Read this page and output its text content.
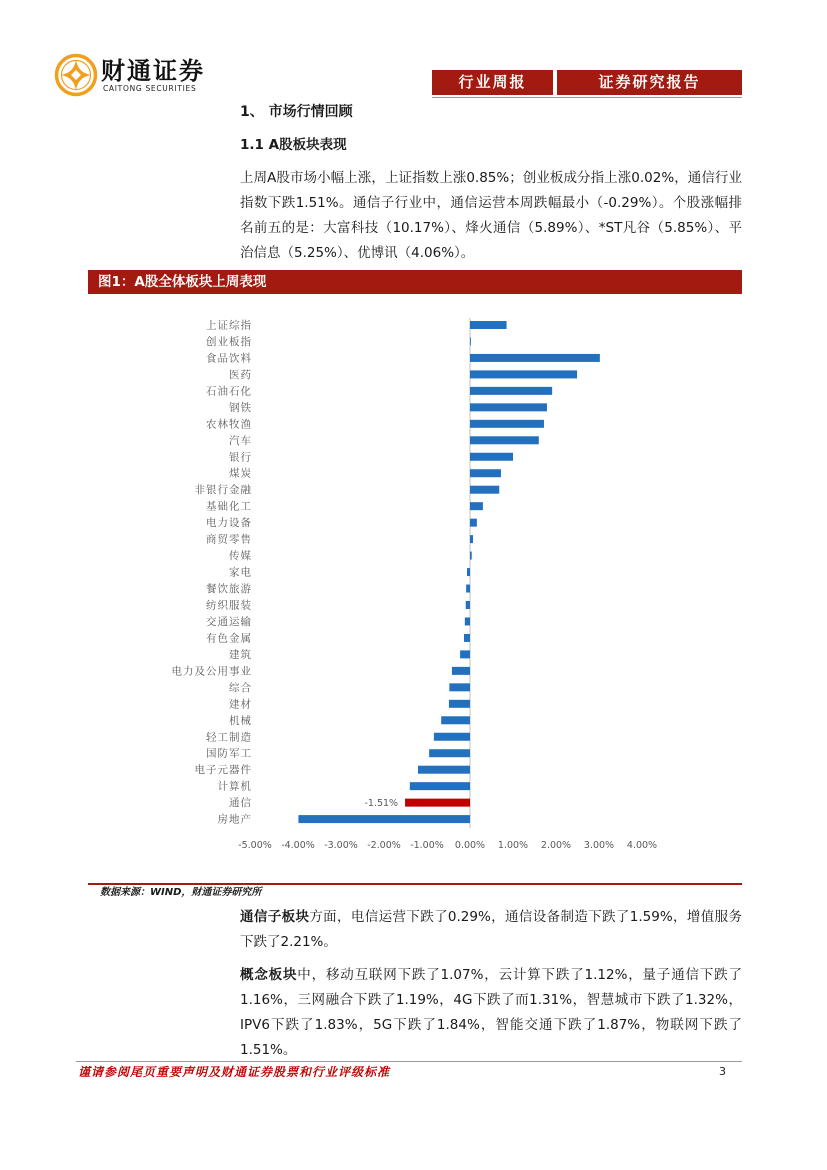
财通证券
CAITONG SECURITIES	行业周报	证券研究报告
1、 市场行情回顾
1.1 A股板块表现

上周A股市场小幅上涨，上证指数上涨0.85%；创业板成分指上涨0.02%，通信行业指数下跌1.51%。通信子行业中，通信运营本周跌幅最小（-0.29%）。个股涨幅排名前五的是：大富科技（10.17%）、烽火通信（5.89%）、*ST凡谷（5.85%）、平治信息（5.25%）、优博讯（4.06%）。

图1：A股全体板块上周表现
上证综指
创业板指
食品饮料
医药
石油石化
钢铁
农林牧渔
汽车
银行
煤炭
非银行金融
基础化工
电力设备
商贸零售
传媒
家电
餐饮旅游
纺织服装
交通运输
有色金属
建筑
电力及公用事业
综合
建材
机械
轻工制造
国防军工
电子元器件
计算机
通信	-1.51%
房地产
-5.00% -4.00% -3.00% -2.00% -1.00% 0.00% 1.00% 2.00% 3.00% 4.00%
数据来源：WIND，财通证券研究所

通信子板块方面，电信运营下跌了0.29%，通信设备制造下跌了1.59%，增值服务下跌了2.21%。

概念板块中，移动互联网下跌了1.07%，云计算下跌了1.12%，量子通信下跌了1.16%，三网融合下跌了1.19%，4G下跌了而1.31%，智慧城市下跌了1.32%，IPV6下跌了1.83%，5G下跌了1.84%，智能交通下跌了1.87%，物联网下跌了1.51%。

谨请参阅尾页重要声明及财通证券股票和行业评级标准	3
